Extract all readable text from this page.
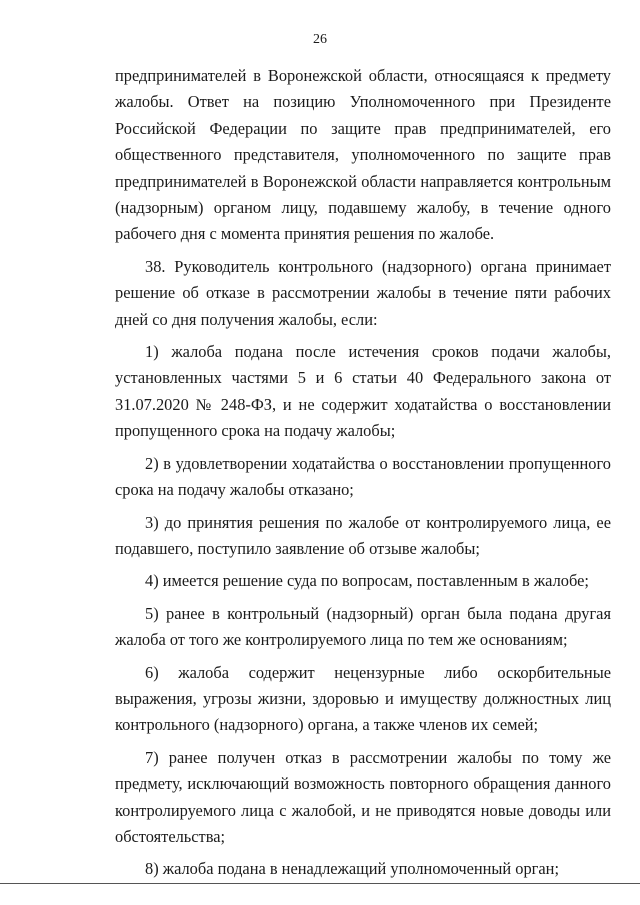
26

предпринимателей в Воронежской области, относящаяся к предмету жалобы. Ответ на позицию Уполномоченного при Президенте Российской Федерации по защите прав предпринимателей, его общественного представителя, уполномоченного по защите прав предпринимателей в Воронежской области направляется контрольным (надзорным) органом лицу, подавшему жалобу, в течение одного рабочего дня с момента принятия решения по жалобе.

38. Руководитель контрольного (надзорного) органа принимает решение об отказе в рассмотрении жалобы в течение пяти рабочих дней со дня получения жалобы, если:

1) жалоба подана после истечения сроков подачи жалобы, установленных частями 5 и 6 статьи 40 Федерального закона от 31.07.2020 № 248-ФЗ, и не содержит ходатайства о восстановлении пропущенного срока на подачу жалобы;

2) в удовлетворении ходатайства о восстановлении пропущенного срока на подачу жалобы отказано;

3) до принятия решения по жалобе от контролируемого лица, ее подавшего, поступило заявление об отзыве жалобы;

4) имеется решение суда по вопросам, поставленным в жалобе;

5) ранее в контрольный (надзорный) орган была подана другая жалоба от того же контролируемого лица по тем же основаниям;

6) жалоба содержит нецензурные либо оскорбительные выражения, угрозы жизни, здоровью и имуществу должностных лиц контрольного (надзорного) органа, а также членов их семей;

7) ранее получен отказ в рассмотрении жалобы по тому же предмету, исключающий возможность повторного обращения данного контролируемого лица с жалобой, и не приводятся новые доводы или обстоятельства;

8) жалоба подана в ненадлежащий уполномоченный орган;
